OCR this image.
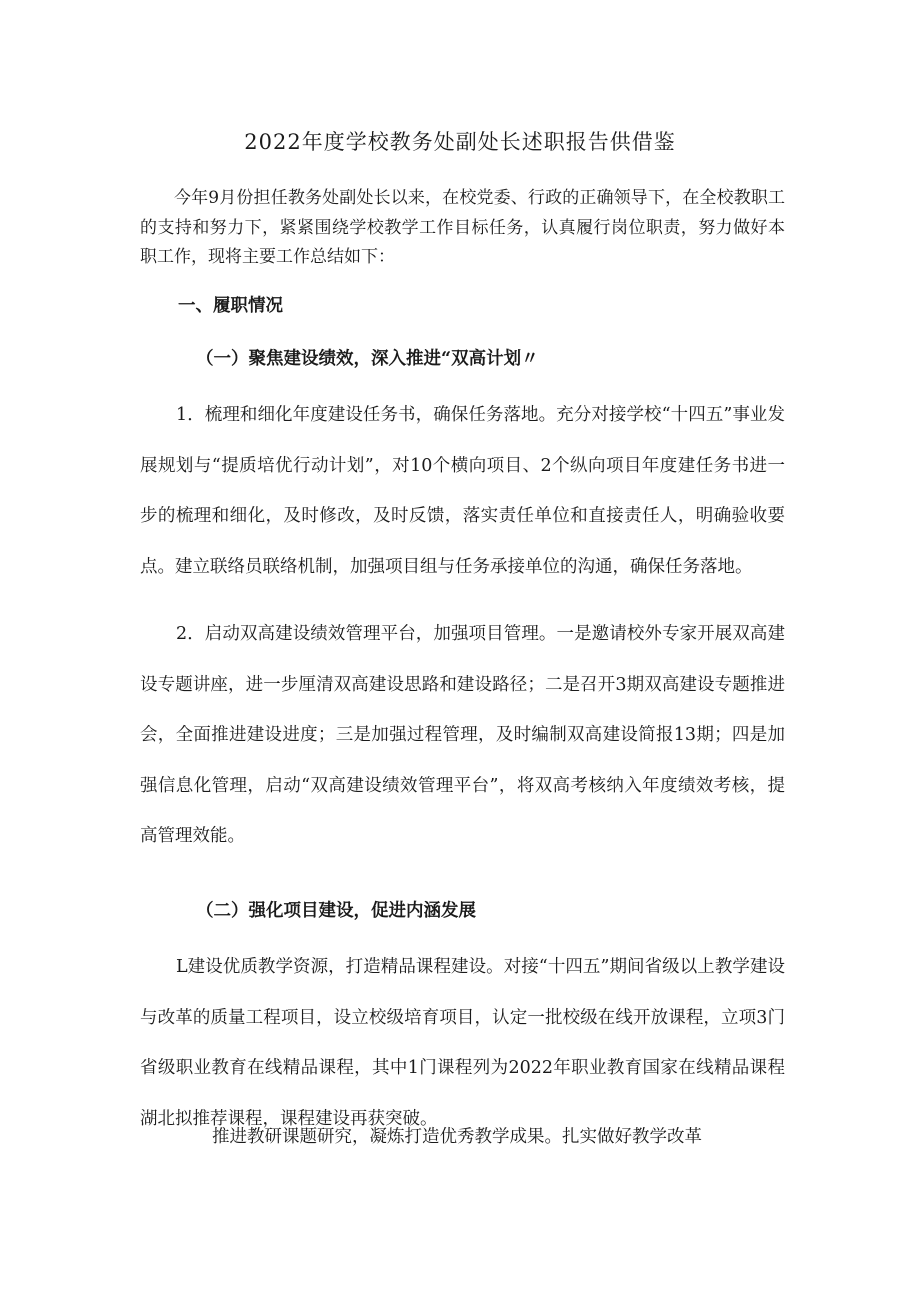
2022年度学校教务处副处长述职报告供借鉴

今年9月份担任教务处副处长以来，在校党委、行政的正确领导下，在全校教职工的支持和努力下，紧紧围绕学校教学工作目标任务，认真履行岗位职责，努力做好本职工作，现将主要工作总结如下：

一、履职情况

（一）聚焦建设绩效，深入推进“双高计划〃

1．梳理和细化年度建设任务书，确保任务落地。充分对接学校“十四五”事业发展规划与“提质培优行动计划”，对10个横向项目、2个纵向项目年度建任务书进一步的梳理和细化，及时修改，及时反馈，落实责任单位和直接责任人，明确验收要点。建立联络员联络机制，加强项目组与任务承接单位的沟通，确保任务落地。

2．启动双高建设绩效管理平台，加强项目管理。一是邀请校外专家开展双高建设专题讲座，进一步厘清双高建设思路和建设路径；二是召开3期双高建设专题推进会，全面推进建设进度；三是加强过程管理，及时编制双高建设简报13期；四是加强信息化管理，启动“双高建设绩效管理平台”，将双高考核纳入年度绩效考核，提高管理效能。

（二）强化项目建设，促进内涵发展

L建设优质教学资源，打造精品课程建设。对接“十四五”期间省级以上教学建设与改革的质量工程项目，设立校级培育项目，认定一批校级在线开放课程，立项3门省级职业教育在线精品课程，其中1门课程列为2022年职业教育国家在线精品课程湖北拟推荐课程，课程建设再获突破。

推进教研课题研究，凝炼打造优秀教学成果。扎实做好教学改革
